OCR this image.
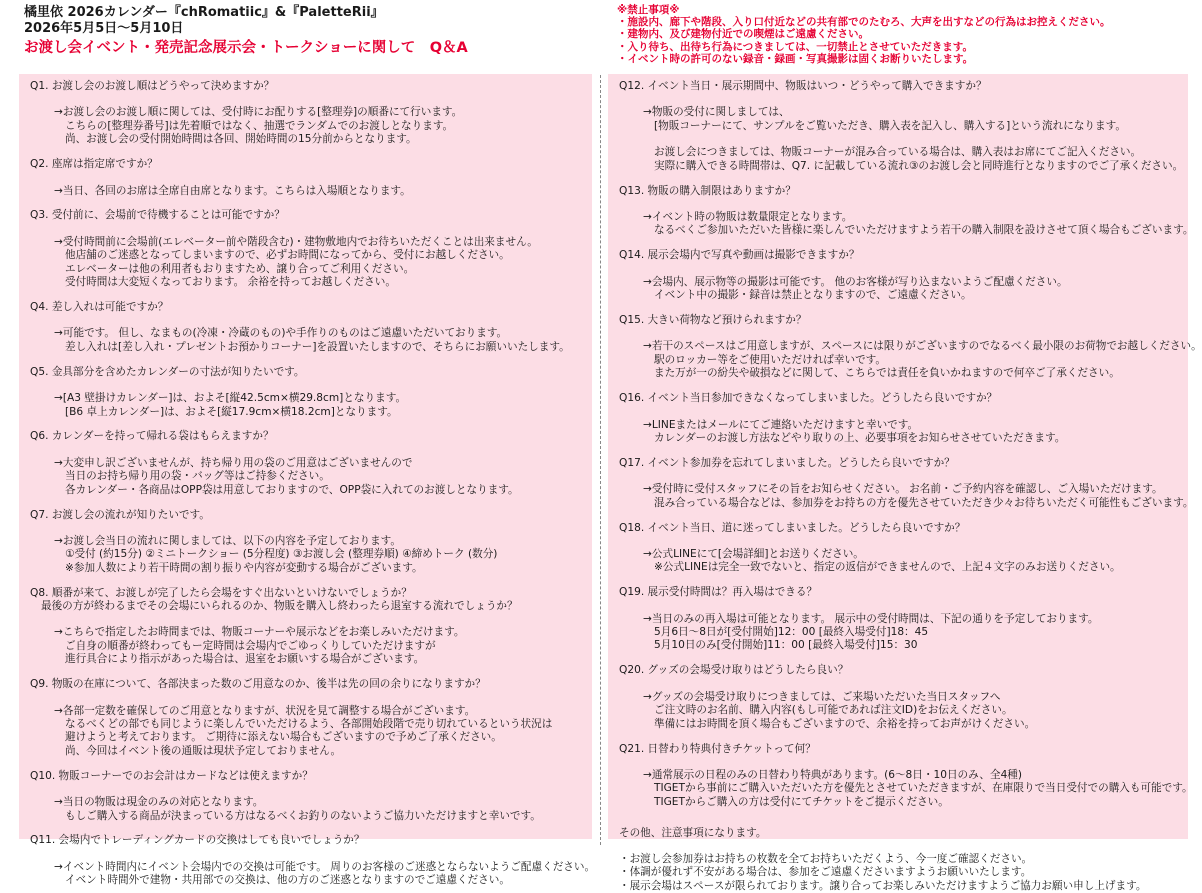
橘里依 2026カレンダー『chRomatiic』&『PaletteRii』
2026年5月5日～5月10日
お渡し会イベント・発売記念展示会・トークショーに関して　Q＆A
※禁止事項※
・施設内、廊下や階段、入り口付近などの共有部でのたむろ、大声を出すなどの行為はお控えください。
・建物内、及び建物付近での喫煙はご遠慮ください。
・入り待ち、出待ち行為につきましては、一切禁止とさせていただきます。
・イベント時の許可のない録音・録画・写真撮影は固くお断りいたします。
Q1. お渡し会のお渡し順はどうやって決めますか？
→お渡し会のお渡し順に関しては、受付時にお配りする[整理券]の順番にて行います。
こちらの[整理券番号]は先着順ではなく、抽選でランダムでのお渡しとなります。
尚、お渡し会の受付開始時間は各回、開始時間の15分前からとなります。
Q2. 座席は指定席ですか？
→当日、各回のお席は全席自由席となります。こちらは入場順となります。
Q3. 受付前に、会場前で待機することは可能ですか？
→受付時間前に会場前(エレベーター前や階段含む)・建物敷地内でお待ちいただくことは出来ません。
他店舗のご迷惑となってしまいますので、必ずお時間になってから、受付にお越しください。
エレベーターは他の利用者もおりますため、譲り合ってご利用ください。
受付時間は大変短くなっております。 余裕を持ってお越しください。
Q4. 差し入れは可能ですか？
→可能です。 但し、なまもの(冷凍・冷蔵のもの)や手作りのものはご遠慮いただいております。
差し入れは[差し入れ・プレゼントお預かりコーナー]を設置いたしますので、そちらにお願いいたします。
Q5. 金具部分を含めたカレンダーの寸法が知りたいです。
→[A3 壁掛けカレンダー]は、およそ[縦42.5cm×横29.8cm]となります。
[B6 卓上カレンダー]は、およそ[縦17.9cm×横18.2cm]となります。
Q6. カレンダーを持って帰れる袋はもらえますか？
→大変申し訳ございませんが、持ち帰り用の袋のご用意はございませんので
当日のお持ち帰り用の袋・バッグ等はご持参ください。
各カレンダー・各商品はOPP袋は用意しておりますので、OPP袋に入れてのお渡しとなります。
Q7. お渡し会の流れが知りたいです。
→お渡し会当日の流れに関しましては、以下の内容を予定しております。
①受付 (約15分) ②ミニトークショー (5分程度) ③お渡し会 (整理券順) ④締めトーク (数分)
※参加人数により若干時間の割り振りや内容が変動する場合がございます。
Q8. 順番が来て、お渡しが完了したら会場をすぐ出ないといけないでしょうか？
最後の方が終わるまでその会場にいられるのか、物販を購入し終わったら退室する流れでしょうか？
→こちらで指定したお時間までは、物販コーナーや展示などをお楽しみいただけます。
ご自身の順番が終わってもー定時間は会場内でごゆっくりしていただけますが
進行具合により指示があった場合は、退室をお願いする場合がございます。
Q9. 物販の在庫について、各部決まった数のご用意なのか、後半は先の回の余りになりますか？
→各部一定数を確保してのご用意となりますが、状況を見て調整する場合がございます。
なるべくどの部でも同じように楽しんでいただけるよう、各部開始段階で売り切れているという状況は
避けようと考えております。 ご期待に添えない場合もございますので予めご了承ください。
尚、今回はイベント後の通販は現状予定しておりません。
Q10. 物販コーナーでのお会計はカードなどは使えますか？
→当日の物販は現金のみの対応となります。
もしご購入する商品が決まっている方はなるべくお釣りのないようご協力いただけますと幸いです。
Q11. 会場内でトレーディングカードの交換はしても良いでしょうか？
→イベント時間内にイベント会場内での交換は可能です。 周りのお客様のご迷惑とならないようご配慮ください。
イベント時間外で建物・共用部での交換は、他の方のご迷惑となりますのでご遠慮ください。
Q12. イベント当日・展示期間中、物販はいつ・どうやって購入できますか？
→物販の受付に関しましては、
[物販コーナーにて、サンプルをご覧いただき、購入表を記入し、購入する]という流れになります。
お渡し会につきましては、物販コーナーが混み合っている場合は、購入表はお席にてご記入ください。
実際に購入できる時間帯は、Q7. に記載している流れ③のお渡し会と同時進行となりますのでご了承ください。
Q13. 物販の購入制限はありますか？
→イベント時の物販は数量限定となります。
なるべくご参加いただいた皆様に楽しんでいただけますよう若干の購入制限を設けさせて頂く場合もございます。
Q14. 展示会場内で写真や動画は撮影できますか？
→会場内、展示物等の撮影は可能です。 他のお客様が写り込まないようご配慮ください。
イベント中の撮影・録音は禁止となりますので、ご遠慮ください。
Q15. 大きい荷物など預けられますか？
→若干のスペースはご用意しますが、スペースには限りがございますのでなるべく最小限のお荷物でお越しください。
駅のロッカー等をご使用いただければ幸いです。
また万が一の紛失や破損などに関して、こちらでは責任を負いかねますので何卒ご了承ください。
Q16. イベント当日参加できなくなってしまいました。どうしたら良いですか？
→LINEまたはメールにてご連絡いただけますと幸いです。
カレンダーのお渡し方法などやり取りの上、必要事項をお知らせさせていただきます。
Q17. イベント参加券を忘れてしまいました。どうしたら良いですか？
→受付時に受付スタッフにその旨をお知らせください。 お名前・ご予約内容を確認し、ご入場いただけます。
混み合っている場合などは、参加券をお持ちの方を優先させていただき少々お待ちいただく可能性もございます。
Q18. イベント当日、道に迷ってしまいました。どうしたら良いですか？
→公式LINEにて[会場詳細]とお送りください。
※公式LINEは完全一致でないと、指定の返信ができませんので、上記４文字のみお送りください。
Q19. 展示受付時間は？再入場はできる？
→当日のみの再入場は可能となります。 展示中の受付時間は、下記の通りを予定しております。
5月6日～8日が[受付開始]12：00 [最終入場受付]18：45
5月10日のみ[受付開始]11：00 [最終入場受付]15：30
Q20. グッズの会場受け取りはどうしたら良い？
→グッズの会場受け取りにつきましては、ご来場いただいた当日スタッフへ
ご注文時のお名前、購入内容(もし可能であれば注文ID)をお伝えください。
準備にはお時間を頂く場合もございますので、余裕を持ってお声がけください。
Q21. 日替わり特典付きチケットって何？
→通常展示の日程のみの日替わり特典があります。(6～8日・10日のみ、全4種)
TIGETから事前にご購入いただいた方を優先とさせていただきますが、在庫限りで当日受付での購入も可能です。
TIGETからご購入の方は受付にてチケットをご提示ください。
その他、注意事項になります。
・お渡し会参加券はお持ちの枚数を全てお持ちいただくよう、今一度ご確認ください。
・体調が優れず不安がある場合は、参加をご遠慮くださいますようお願いいたします。
・展示会場はスペースが限られております。譲り合ってお楽しみいただけますようご協力お願い申し上げます。
